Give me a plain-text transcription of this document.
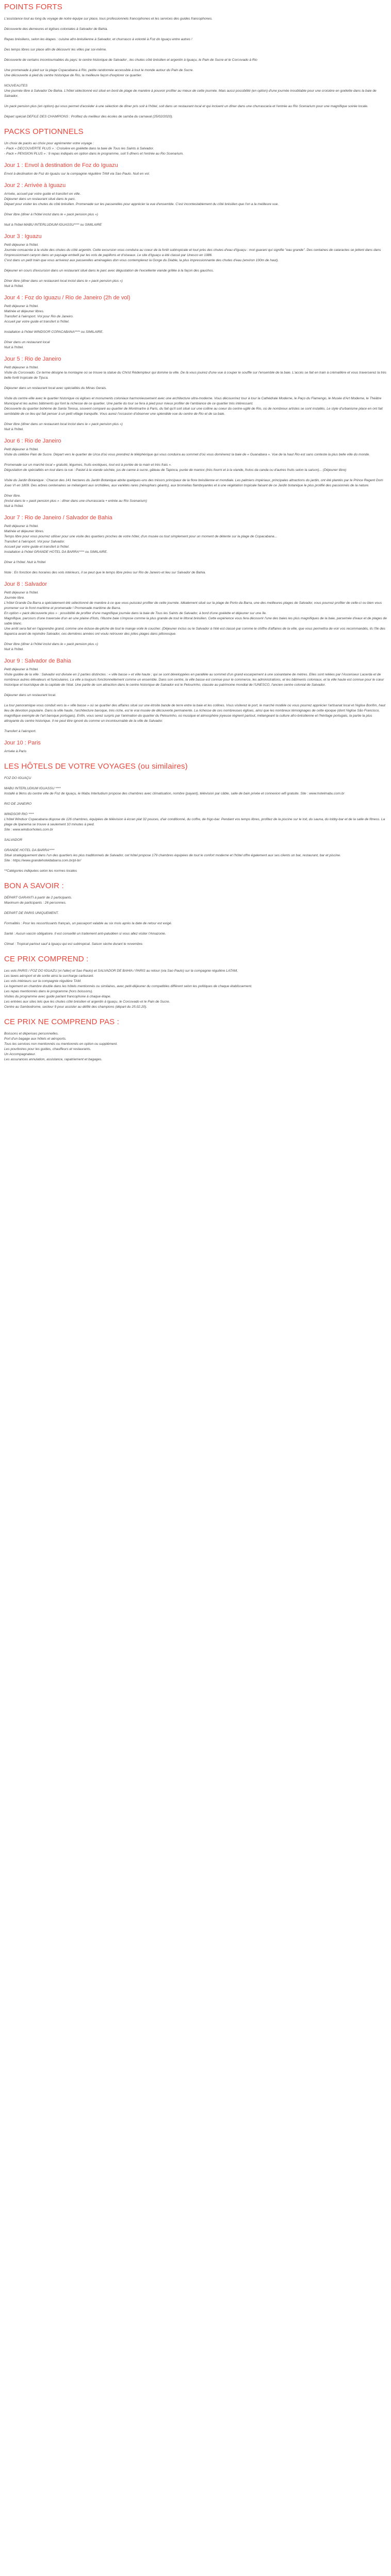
POINTS FORTS

L'assistance tout au long du voyage de notre équipe sur place, tous professionnels francophones et les services des guides francophones.

Découverte des demeures et églises coloniales à Salvador de Bahia.

Repas brésiliens, selon les étapes : cuisine afro-brésilienne à Salvador, et churrasco à volonté à Foz do Iguaçu entre autres !

Des temps libres sur place afin de découvrir les villes par soi-même.

Découverte de certains incontournables du pays: le centre historique de Salvador , les chutes côté brésilien et argentin à Iguaçu, le Pain de Sucre et le Corcovado à Rio

Une promenade à pied sur la plage Copacabana à Rio, petite randonnée accessible à tout le monde autour du Pain de Sucre.

Une découverte à pied du centre historique de Rio, la meilleure façon d'explorer ce quartier.

NOUVEAUTES

Une journée libre à Salvador De Bahia. L'hôtel sélectionné est situé en bord de plage de manière à pouvoir profiter au mieux de cette journée. Mais aussi possibilité (en option) d'une journée inoubliable pour une croisière en goélette dans la baie de Salvador.

Un pack pension plus (en option) qui vous permet d'accéder à une sélection de dîner pris soit à l'hôtel, soit dans un restaurant local et qui incluent un dîner dans une churrascaria et l'entrée au Rio Scenarium pour une magnifique soirée locale.

Départ spécial DEFILE DES CHAMPIONS : Profitez du meilleur des écoles de samba du carnaval (25/02/2020).

PACKS OPTIONNELS

Un choix de packs au choix pour agrémenter votre voyage :

- Pack « DECOUVERTE PLUS » : Croisière en goélette dans la baie de Tous les Saints à Salvador.

- Pack « PENSION PLUS » : 9 repas indiqués en option dans le programme, soit 5 dîners et l'entrée au Rio Scenarium.

Jour 1 : Envol à destination de Foz do Iguazu

Envol à destination de Foz do Iguazu sur la compagnie régulière TAM via Sao Paulo. Nuit en vol.

Jour 2 : Arrivée à Iguazu

Arrivée, accueil par votre guide et transfert en ville.

Déjeuner dans un restaurant situé dans le parc.

Départ pour visiter les chutes du côté brésilien. Promenade sur les passerelles pour apprécier la vue d'ensemble. C'est incontestablement du côté brésilien que l'on a la meilleure vue.

Dîner libre (dîner à l'hôtel inclut dans le « pack pension plus »)

Nuit à l'hôtel MABU INTERLUDIUM IGUASSU**** ou SIMILAIRE

Jour 3 : Iguazu

Petit déjeuner à l'hôtel.

Journée consacrée à la visite des chutes du côté argentin. Cette excursion vous conduira au coeur de la forêt subtropicale et tout près des chutes d'eau d'Iguaçu : mot guarani qui signifie "eau grande". Des centaines de cataractes se jettent dans dans l'impressionnant canyon dans un paysage embelli par les vols de papillons et d'oiseaux. Le site d'Iguaçu a été classé par Unesco en 1986.

C'est dans un petit train que vous arriverez aux passerelles aménagées don vous contemplerez la Gorge du Diable, la plus impressionnante des chutes d'eau (environ 100m de haut).

Déjeuner en cours d'excursion dans un restaurant situé dans le parc avec dégustation de l'excellente viande grillée à la façon des gauchos.

Dîner libre (dîner dans un restaurant local inclut dans le « pack pension plus »)

Nuit à l'hôtel.

Jour 4 : Foz do Iguazu / Rio de Janeiro (2h de vol)

Petit déjeuner à l'hôtel.

Matinée et déjeuner libres.

Transfert à l'aéroport. Vol pour Rio de Janeiro.

Accueil par votre guide et transfert à l'hôtel.

Installation à l'hôtel WINDSOR COPACABANA**** ou SIMILAIRE.

Dîner dans un restaurant local

Nuit à l'hôtel.

Jour 5 : Rio de Janeiro

Petit déjeuner à l'hôtel.

Visite du Corcovado. Ce terme désigne la montagne où se trouve la statue du Christ Rédempteur qui domine la ville. De là vous jouirez d'une vue à couper le souffle sur l'ensemble de la baie. L'accès se fait en train à crémaillère et vous traverserez la très belle forêt tropicale de Tijuca.

Déjeuner dans un restaurant local avec spécialités du Minas Gerais.

Visite du centre-ville avec le quartier historique où églises et monuments coloniaux harmonieusement avec une architecture ultra-moderne. Vous découvrirez tour à tour la Cathédrale Moderne, le Paço du Flamengo, le Musée d'Art Moderne, le Théâtre Municipal et les autres bâtiments qui font la richesse de ce quartier. Une partie du tour se fera à pied pour mieux profiter de l'ambiance de ce quartier très intéressant.

Découverte du quartier bohème de Santa Teresa, souvent comparé au quartier de Montmartre à Paris, du fait qu'il soit situé sur une colline au coeur du centre-ugllé de Rio, où de nombreux artistes se sont installés. Le style d'urbanisme place en ont fait semblable de ce lieu qui fait penser à un petit village tranquille. Vous aurez l'occasion d'observer une splendide vue du centre de Rio et de sa baie.

Dîner libre (dîner dans un restaurant local inclut dans le « pack pension plus »)

Nuit à l'hôtel.

Jour 6 : Rio de Janeiro

Petit déjeuner à l'hôtel.

Visite du célèbre Pain de Sucre. Départ vers le quartier de Urca d'où vous prendrez le téléphérique qui vous conduira au sommet d'où vous dominerez la baie de « Guanabara ». Vue de la haut Rio est sans conteste la plus belle ville du monde.

Promenade sur un marché local « gratuité, légumes, fruits exotiques, tout est à portée de la main et très frais ».

Dégustation de spécialités en tout dans la rue : Pastel à la viande séchée, jus de canne à sucre, gâteau de Tapioca, purée de manioc (très fourni et à la viande, frutos da canda ou d'autres fruits selon la saison)... (Déjeuner libre)

Visite du Jardin Botanique : Chacun des 141 hectares du Jardin Botanique abrite quelques-uns des trésors principaux de la flore brésilienne et mondiale. Les palmiers impériaux, principales attractions du jardin, ont été plantés par le Prince Regent Dom Joao VI en 1809. Des arbres centenaires se mélangent aux orchidées, aux variétés rares (nénuphars géants), aux bromélias flamboyantes et à une végétation tropicale faisant de ce Jardin botanique le plus prolifié des passionnés de la nature.

Dîner libre.

(Inclut dans le « pack pension plus » : dîner dans une churrascaria + entrée au Rio Scenarium)

Nuit à l'hôtel.

Jour 7 : Rio de Janeiro / Salvador de Bahia

Petit déjeuner à l'hôtel.

Matinée et déjeuner libres.

Temps libre pour vous pourrez utiliser pour une visite des quartiers proches de votre hôtel, d'un musée ou tout simplement pour un moment de détente sur la plage de Copacabana...

Transfert à l'aéroport. Vol pour Salvador.

Accueil par votre guide et transfert à l'hôtel.

Installation à l'hôtel GRANDE HOTEL DA BARRA**** ou SIMILAIRE.

Dîner à l'hôtel. Nuit à l'hôtel

Note : En fonction des horaires des vols intérieurs, il se peut que le temps libre prévu sur Rio de Janeiro et lieu sur Salvador de Bahia.

Jour 8 : Salvador

Petit déjeuner à l'hôtel.

Journée libre.

L'hôtel Grande Da Barra a spécialement été sélectionné de manière à ce que vous puissiez profiter de cette journée. Idéalement situé sur la plage de Porto da Barra, une des meilleures plages de Salvador, vous pourrez profiter de celle-ci ou bien vous promener sur le front maritime et promenade ! Promenade maritime de Barra.

En option « pack découverte plus » : possibilité de profiter d'une magnifique journée dans la baie de Tous les Saints de Salvador, à bord d'une goélette et déjeuner sur une île.

Magnifique, parcours d'une traversée d'un an une plaine d'îlots, l'illustre baie s'impose comme la plus grande de tout le littoral brésilien. Cette expérience vous fera découvrir l'une des baies les plus magnifiques de la baie, parsemée d'eaux et de plages de sable blanc.

Une arrêt sera fait en l'apprendre grand, comme une écluse-de-pêche de tout le mange voile le coucher. (Déjeuner inclus ou le Salvador à l'été est classé par comme le chiffre d'affaires de la ville, que vous permettra de voir vos recommandés, ils l'île des Itaparica avant de rejoindre Salvador, ces dernières années ont voulu retrouver des jolies plages dans pittoresque.

Dîner libre (dîner à l'hôtel inclut dans le « pack pension plus »)

Nuit à l'hôtel.

Jour 9 : Salvador de Bahia

Petit déjeuner à l'hôtel.

Visite guidée de la ville : Salvador est divisée en 2 parties distinctes : « ville basse » et ville haute ; qui se sont développées en parallèle au sommet d'un grand escarpement à une soixantaine de mètres. Elles sont reliées par l'Ascenseur Lacerda et de nombreux autres élévateurs et funiculaires. La ville a toujours fonctionnellement comme un ensemble. Dans son centre, la ville basse est connue pour le commerce, les administrations, et les bâtiments coloniaux, et la ville haute est connue pour le cœur historique et touristique de la capitale de l'état. Une partie de son attraction dans le centre historique de Salvador est le Pelourinho, classée au patrimoine mondial de l'UNESCO, l'ancien centre colonial de Salvador.

Déjeuner dans un restaurant local.

La tour panoramique vous conduit vers la « ville basse » où se quartier des affaires situé sur une étroite bande de terre entre la baie et les collines. Vous visiterez le port, le marché modèle où vous pourrez apprécier l'artisanat local et l'église Bonfim, haut lieu de dévotion populaire. Dans la ville haute, l'architecture baroque, très riche, est le vrai musée de découverte permanente. La richesse de ces nombreuses églises, ainsi que les nombreux témoignages de cette époque (dont l'église São Francisco, magnifique exemple de l'art baroque portugais). Enfin, vous serez surpris par l'animation du quartier du Pelourinho, où musique et atmosphère joyeuse règnent partout, mélangeant la culture afro-brésilienne et l'héritage portugais, la partie la plus attrayante du centre historique. Il ne peut être ignoré du comme un incontournable de la ville de Salvador.

Transfert à l'aéroport.

Jour 10 : Paris

Arrivée à Paris

LES HÔTELS DE VOTRE VOYAGES (ou similaires)

FOZ DO IGUAÇU

MABU INTERLUDIUM IGUASSU ****

Installé à 9kms du centre ville de Foz de Iguaçu, le Mabu Interludium propose des chambres avec climatisation, nombre (payant), télévision par câble, salle de bain privée et connexion wifi gratuite. Site : www.hotelmabu.com.br

RIO DE JANEIRO

WINDSOR RIO ****

L'hôtel Windsor Copacabana dispose de 126 chambres, équipées de télévision à écran plat 32 pouces, d'air conditionné, du coffre, de frigo-bar. Pendant vos temps libres, profitez de la piscine sur le toit, du sauna, du lobby-bar et de la salle de fitness. La plage de Ipanema se trouve à seulement 10 minutes à pied.

Site : www.windsorhoteis.com.br

SALVADOR

GRANDE HOTEL DA BARRA****

Situé stratégiquement dans l'un des quartiers les plus traditionnels de Salvador, cet hôtel propose 179 chambres équipées de tout le confort moderne et l'hôtel offre également aux ses clients un bar, restaurant, bar et piscine.

Site : https://www.grandehoteldabarra.com.br/pt-br/

**Catégories indiquées selon les normes locales

BON A SAVOIR :

DÉPART GARANTI à partir de 2 participants.

Maximum de participants : 26 personnes.

DEPART DE PARIS UNIQUEMENT.

Formalités : Pour les ressortissants français, un passeport valable au six mois après la date de retour est exigé.

Santé : Aucun vaccin obligatoire. Il est conseillé un traitement anti-paludéen si vous allez visiter l'Amazonie.

Climat : Tropical partout sauf à Iguaçu qui est subtropical. Saison sèche durant le novembre.

CE PRIX COMPREND :

Les vols PARIS / FOZ DO IGUAZU (vi l'aller) et Sao Paulo) et SALVADOR DE BAHIA / PARIS au retour (via Sao Paulo) sur la compagnie régulière LATAM,

Les taxes aéroport et de sortie ainsi la surcharge carburant.

Les vols intérieurs sur la compagnie régulière TAM.

Le logement en chambre double dans les hôtels mentionnés ou similaires, avec petit-déjeuner du compatibles différent selon les politiques de chaque établissement.

Les repas mentionnés dans le programme (hors boissons).

Visites du programme avec guide parlant francophone à chaque étape.

Les entrées aux sites tels que les chutes côté brésilien et argentin à Iguaçu, le Corcovado et le Pain de Sucre.

Centre au Sambodrome, secteur 9 pour assister au défilé des champions (départ du 25.02.20).

CE PRIX NE COMPREND PAS :

Boissons et dépenses personnelles.

Port d'un bagage aux hôtels et aéroports.

Tous les services non mentionnés ou mentionnés en option ou supplément.

Les pourboires pour les guides, chauffeurs et restaurants.

Un Accompagnateur.

Les assurances annulation, assistance, rapatriement et bagages.
